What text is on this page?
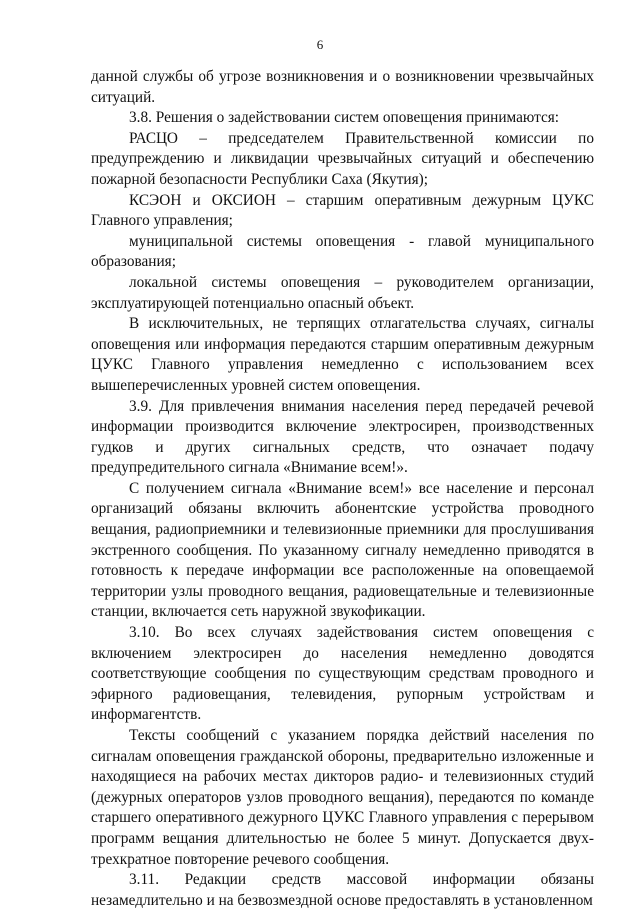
6

данной службы об угрозе возникновения и о возникновении чрезвычайных ситуаций.

3.8. Решения о задействовании систем оповещения принимаются:

РАСЦО – председателем Правительственной комиссии по предупреждению и ликвидации чрезвычайных ситуаций и обеспечению пожарной безопасности Республики Саха (Якутия);

КСЭОН и ОКСИОН – старшим оперативным дежурным ЦУКС Главного управления;

муниципальной системы оповещения - главой муниципального образования;

локальной системы оповещения – руководителем организации, эксплуатирующей потенциально опасный объект.

В исключительных, не терпящих отлагательства случаях, сигналы оповещения или информация передаются старшим оперативным дежурным ЦУКС Главного управления немедленно с использованием всех вышеперечисленных уровней систем оповещения.

3.9. Для привлечения внимания населения перед передачей речевой информации производится включение электросирен, производственных гудков и других сигнальных средств, что означает подачу предупредительного сигнала «Внимание всем!».

С получением сигнала «Внимание всем!» все население и персонал организаций обязаны включить абонентские устройства проводного вещания, радиоприемники и телевизионные приемники для прослушивания экстренного сообщения. По указанному сигналу немедленно приводятся в готовность к передаче информации все расположенные на оповещаемой территории узлы проводного вещания, радиовещательные и телевизионные станции, включается сеть наружной звукофикации.

3.10. Во всех случаях задействования систем оповещения с включением электросирен до населения немедленно доводятся соответствующие сообщения по существующим средствам проводного и эфирного радиовещания, телевидения, рупорным устройствам и информагентств.

Тексты сообщений с указанием порядка действий населения по сигналам оповещения гражданской обороны, предварительно изложенные и находящиеся на рабочих местах дикторов радио- и телевизионных студий (дежурных операторов узлов проводного вещания), передаются по команде старшего оперативного дежурного ЦУКС Главного управления с перерывом программ вещания длительностью не более 5 минут. Допускается двух-трехкратное повторение речевого сообщения.

3.11. Редакции средств массовой информации обязаны незамедлительно и на безвозмездной основе предоставлять в установленном
